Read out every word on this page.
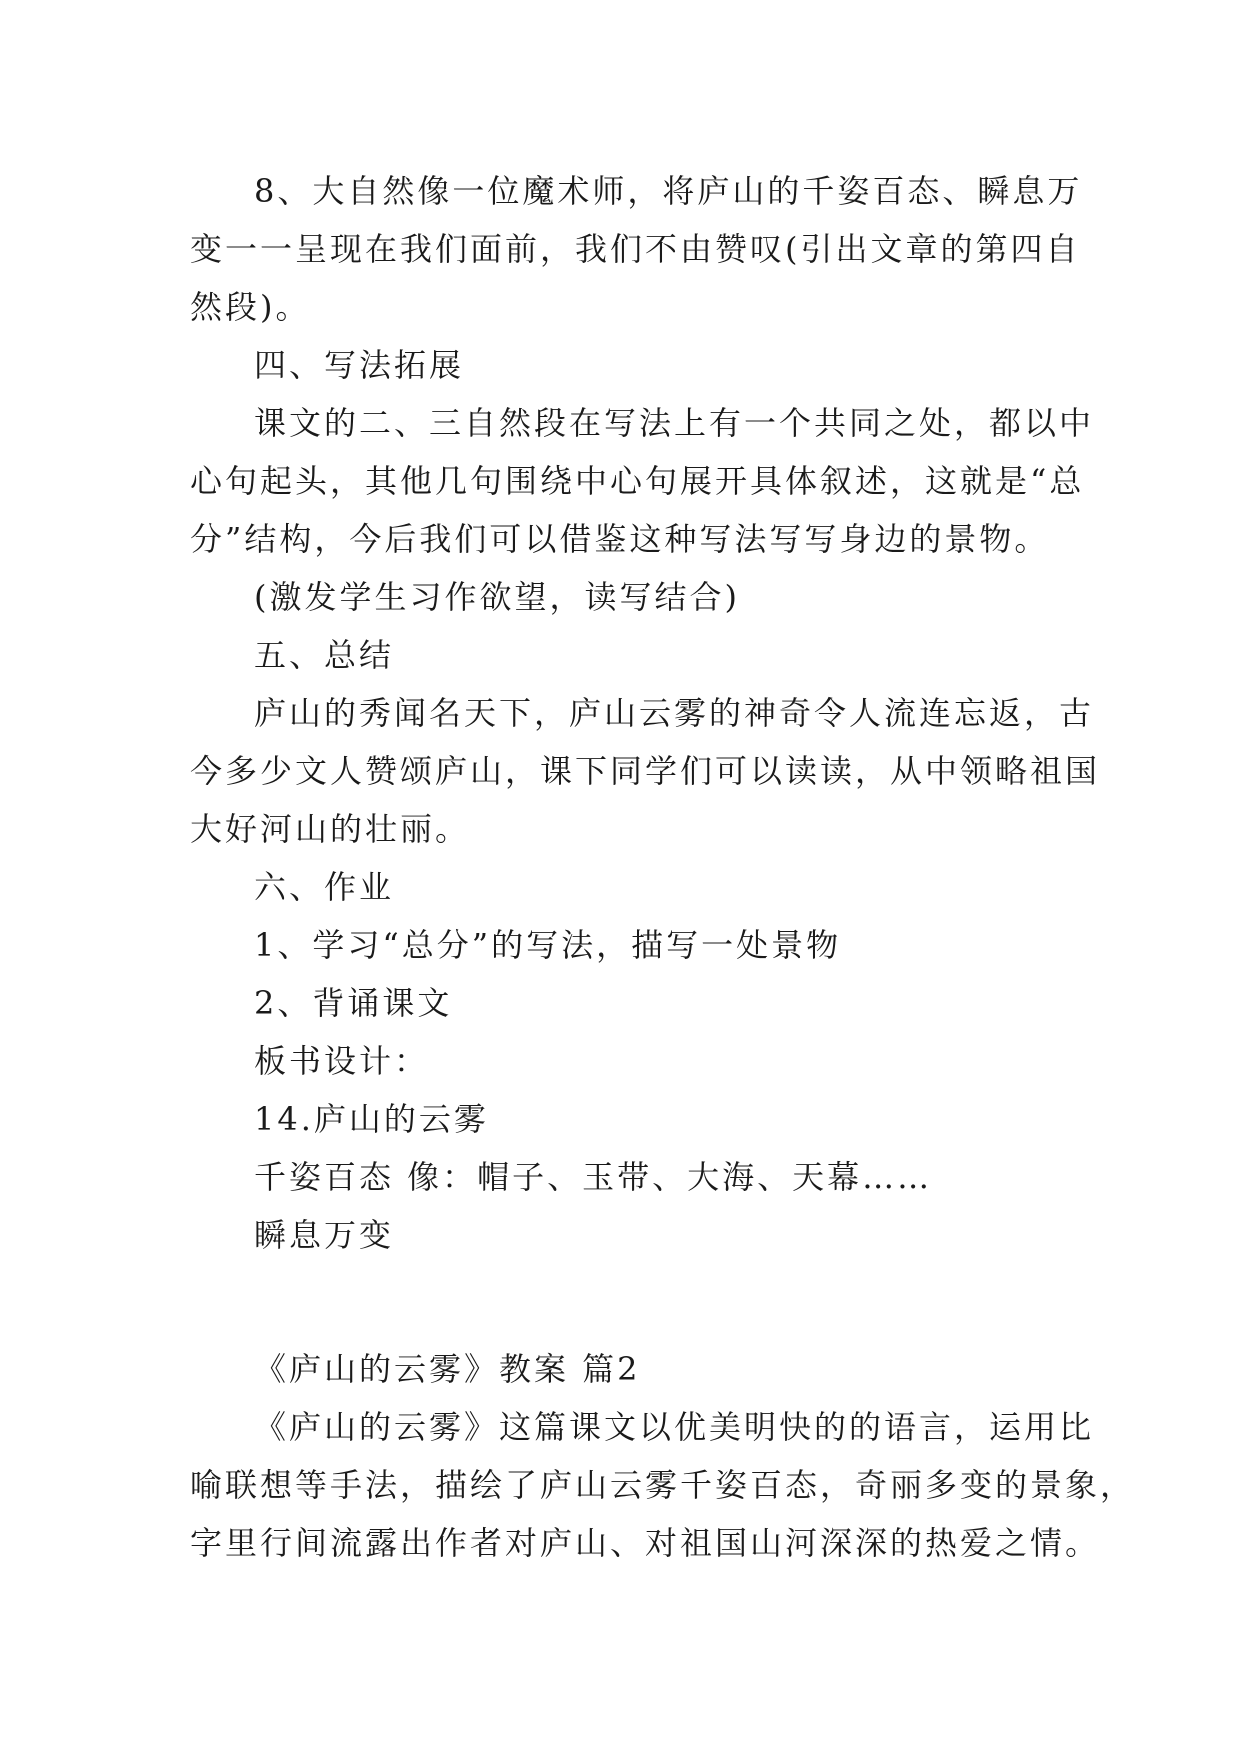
8、大自然像一位魔术师，将庐山的千姿百态、瞬息万
变一一呈现在我们面前，我们不由赞叹(引出文章的第四自
然段)。
四、写法拓展
课文的二、三自然段在写法上有一个共同之处，都以中
心句起头，其他几句围绕中心句展开具体叙述，这就是“总
分”结构，今后我们可以借鉴这种写法写写身边的景物。
(激发学生习作欲望，读写结合)
五、总结
庐山的秀闻名天下，庐山云雾的神奇令人流连忘返，古
今多少文人赞颂庐山，课下同学们可以读读，从中领略祖国
大好河山的壮丽。
六、作业
1、学习“总分”的写法，描写一处景物
2、背诵课文
板书设计：
14.庐山的云雾
千姿百态 像：帽子、玉带、大海、天幕……
瞬息万变
《庐山的云雾》教案 篇2
《庐山的云雾》这篇课文以优美明快的的语言，运用比
喻联想等手法，描绘了庐山云雾千姿百态，奇丽多变的景象，
字里行间流露出作者对庐山、对祖国山河深深的热爱之情。
